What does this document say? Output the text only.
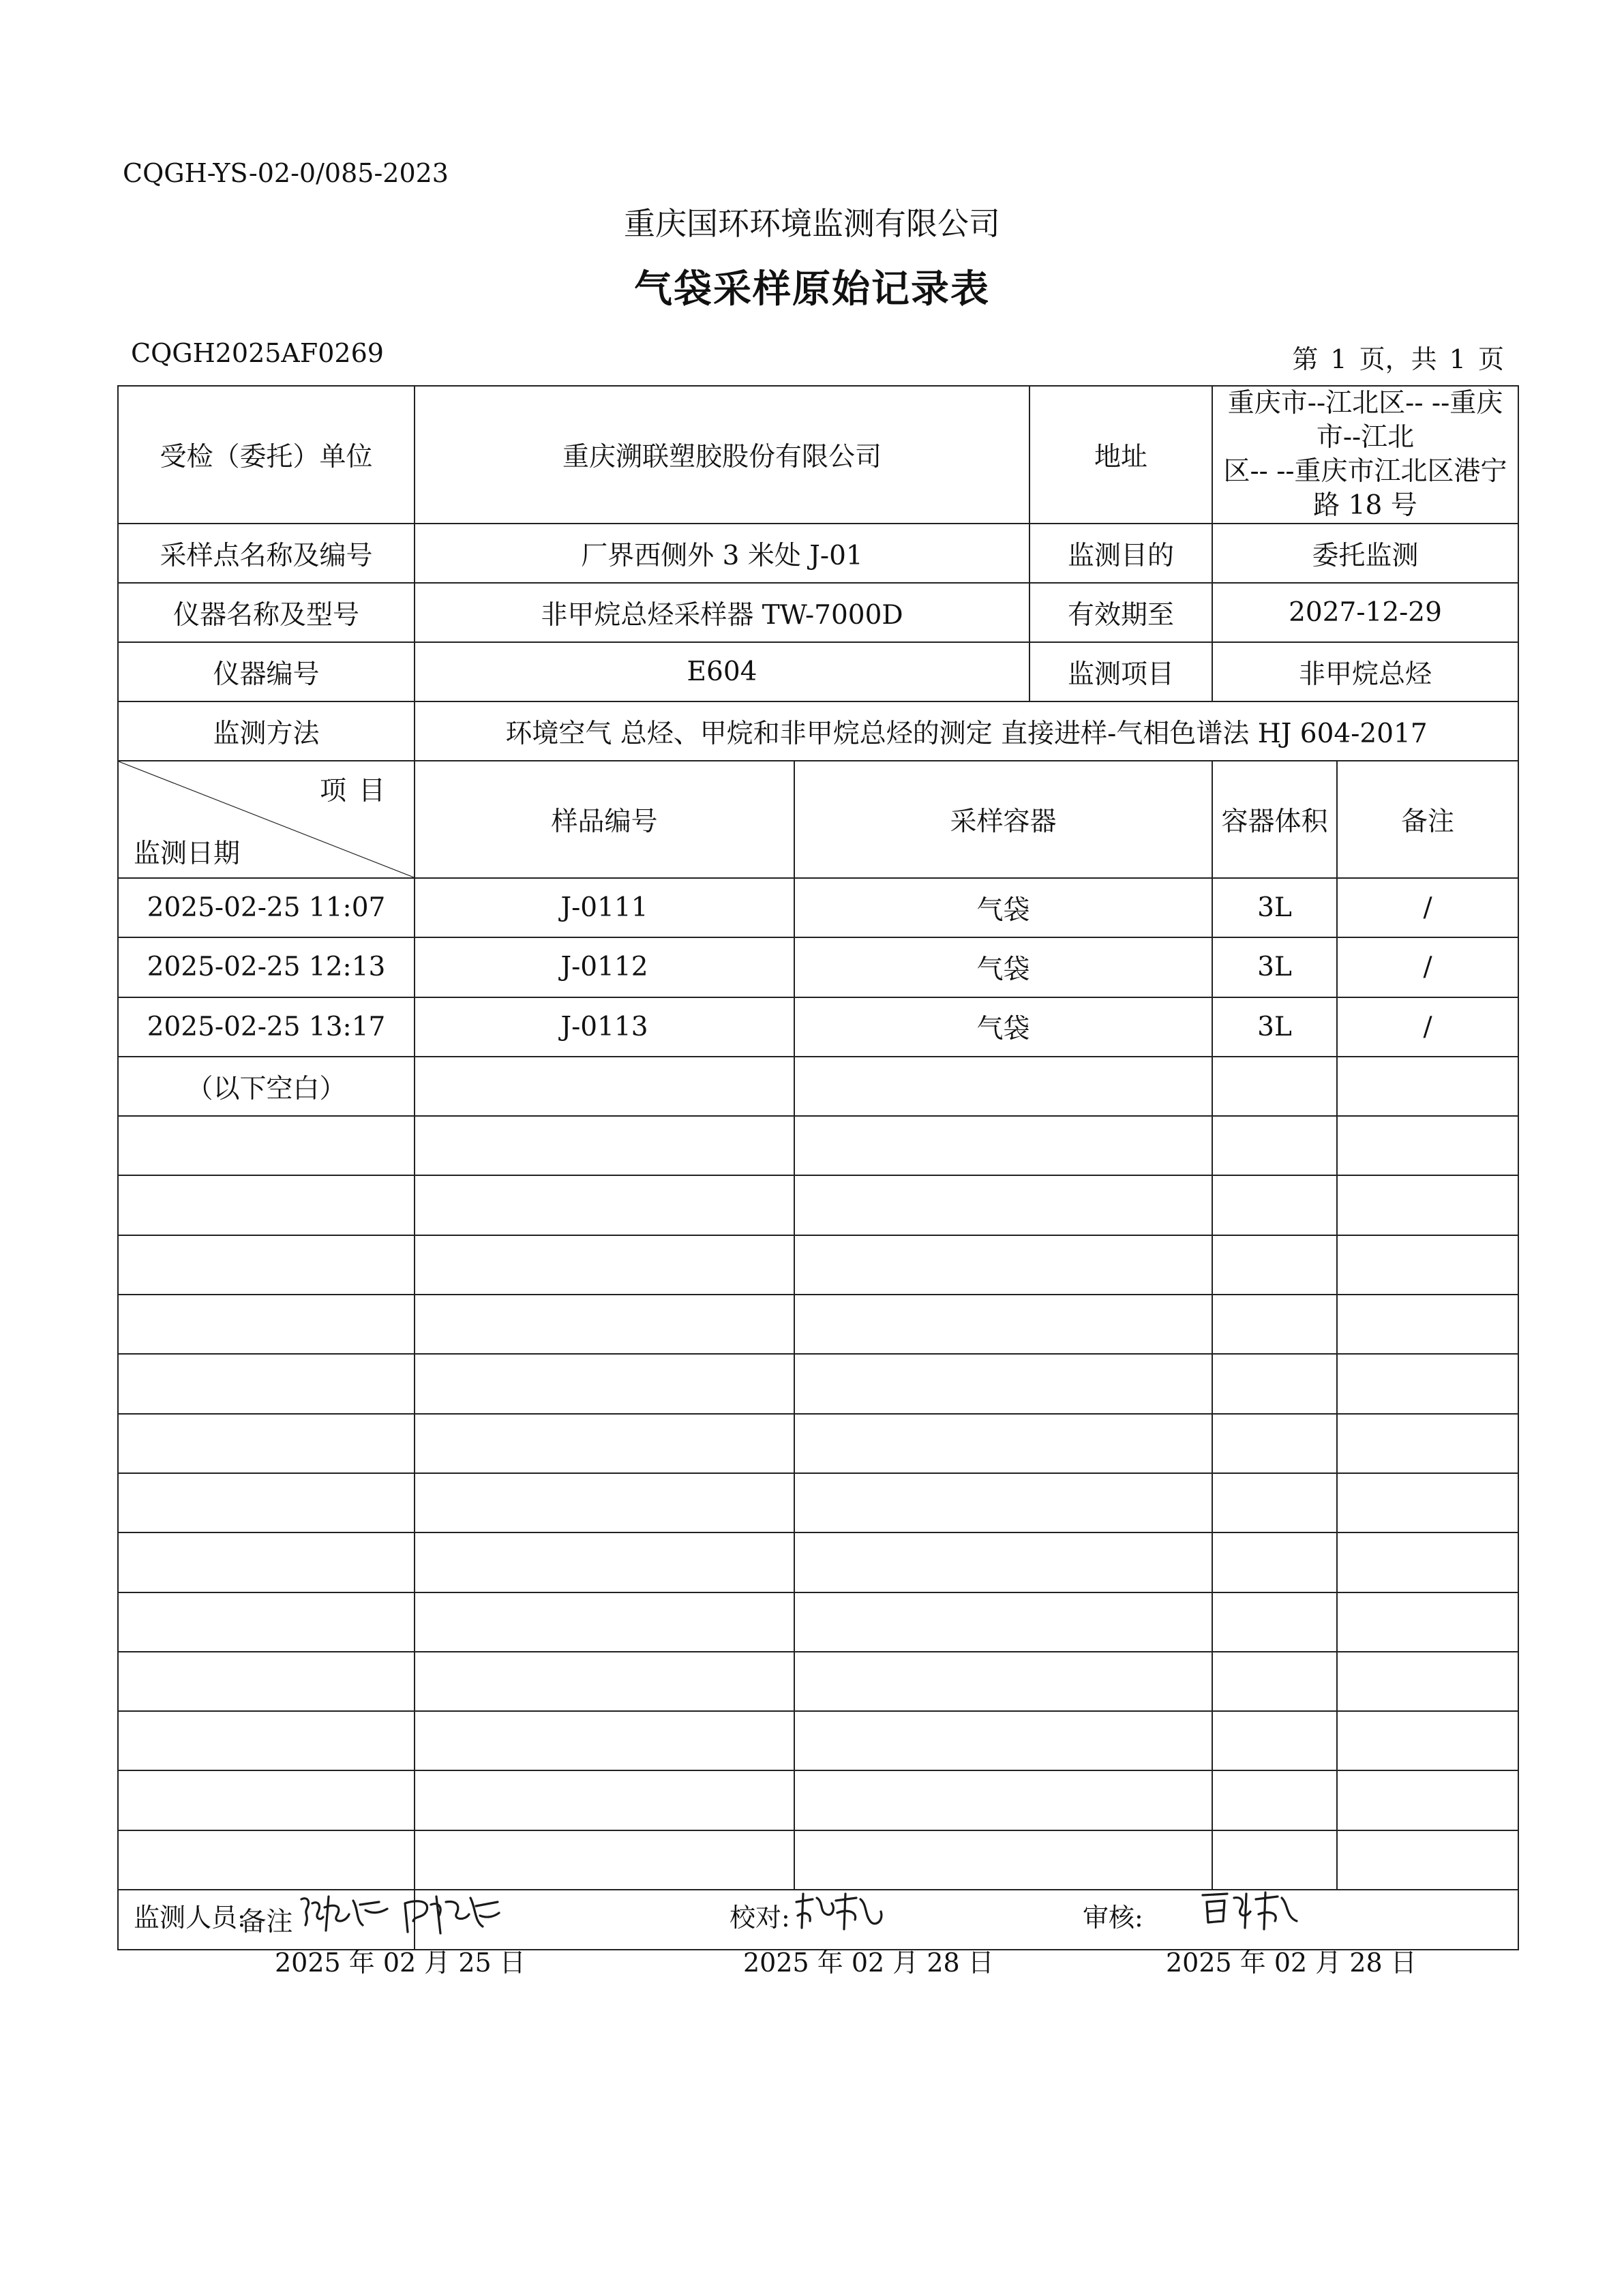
CQGH-YS-02-0/085-2023
重庆国环环境监测有限公司
气袋采样原始记录表
CQGH2025AF0269	第 1 页，共 1 页
受检（委托）单位	重庆溯联塑胶股份有限公司		地址	重庆市--江北区-- --重庆市--江北
区-- --重庆市江北区港宁路 18 号	

采样点名称及编号	厂界西侧外 3 米处 J-01		监测目的	委托监测	
仪器名称及型号	非甲烷总烃采样器 TW-7000D		有效期至	2027-12-29	
仪器编号	E604		监测项目	非甲烷总烃	
监测方法	环境空气 总烃、甲烷和非甲烷总烃的测定 直接进样-气相色谱法 HJ 604-2017				

项目
监测日期	样品编号	采样容器		容器体积	备注
2025-02-25 11:07	J-0111	气袋		3L	/
2025-02-25 12:13	J-0112	气袋		3L	/
2025-02-25 13:17	J-0113	气袋		3L	/
（以下空白）					

备注					
监测人员:	校对:	审核:
2025 年 02 月 25 日	2025 年 02 月 28 日	2025 年 02 月 28 日
